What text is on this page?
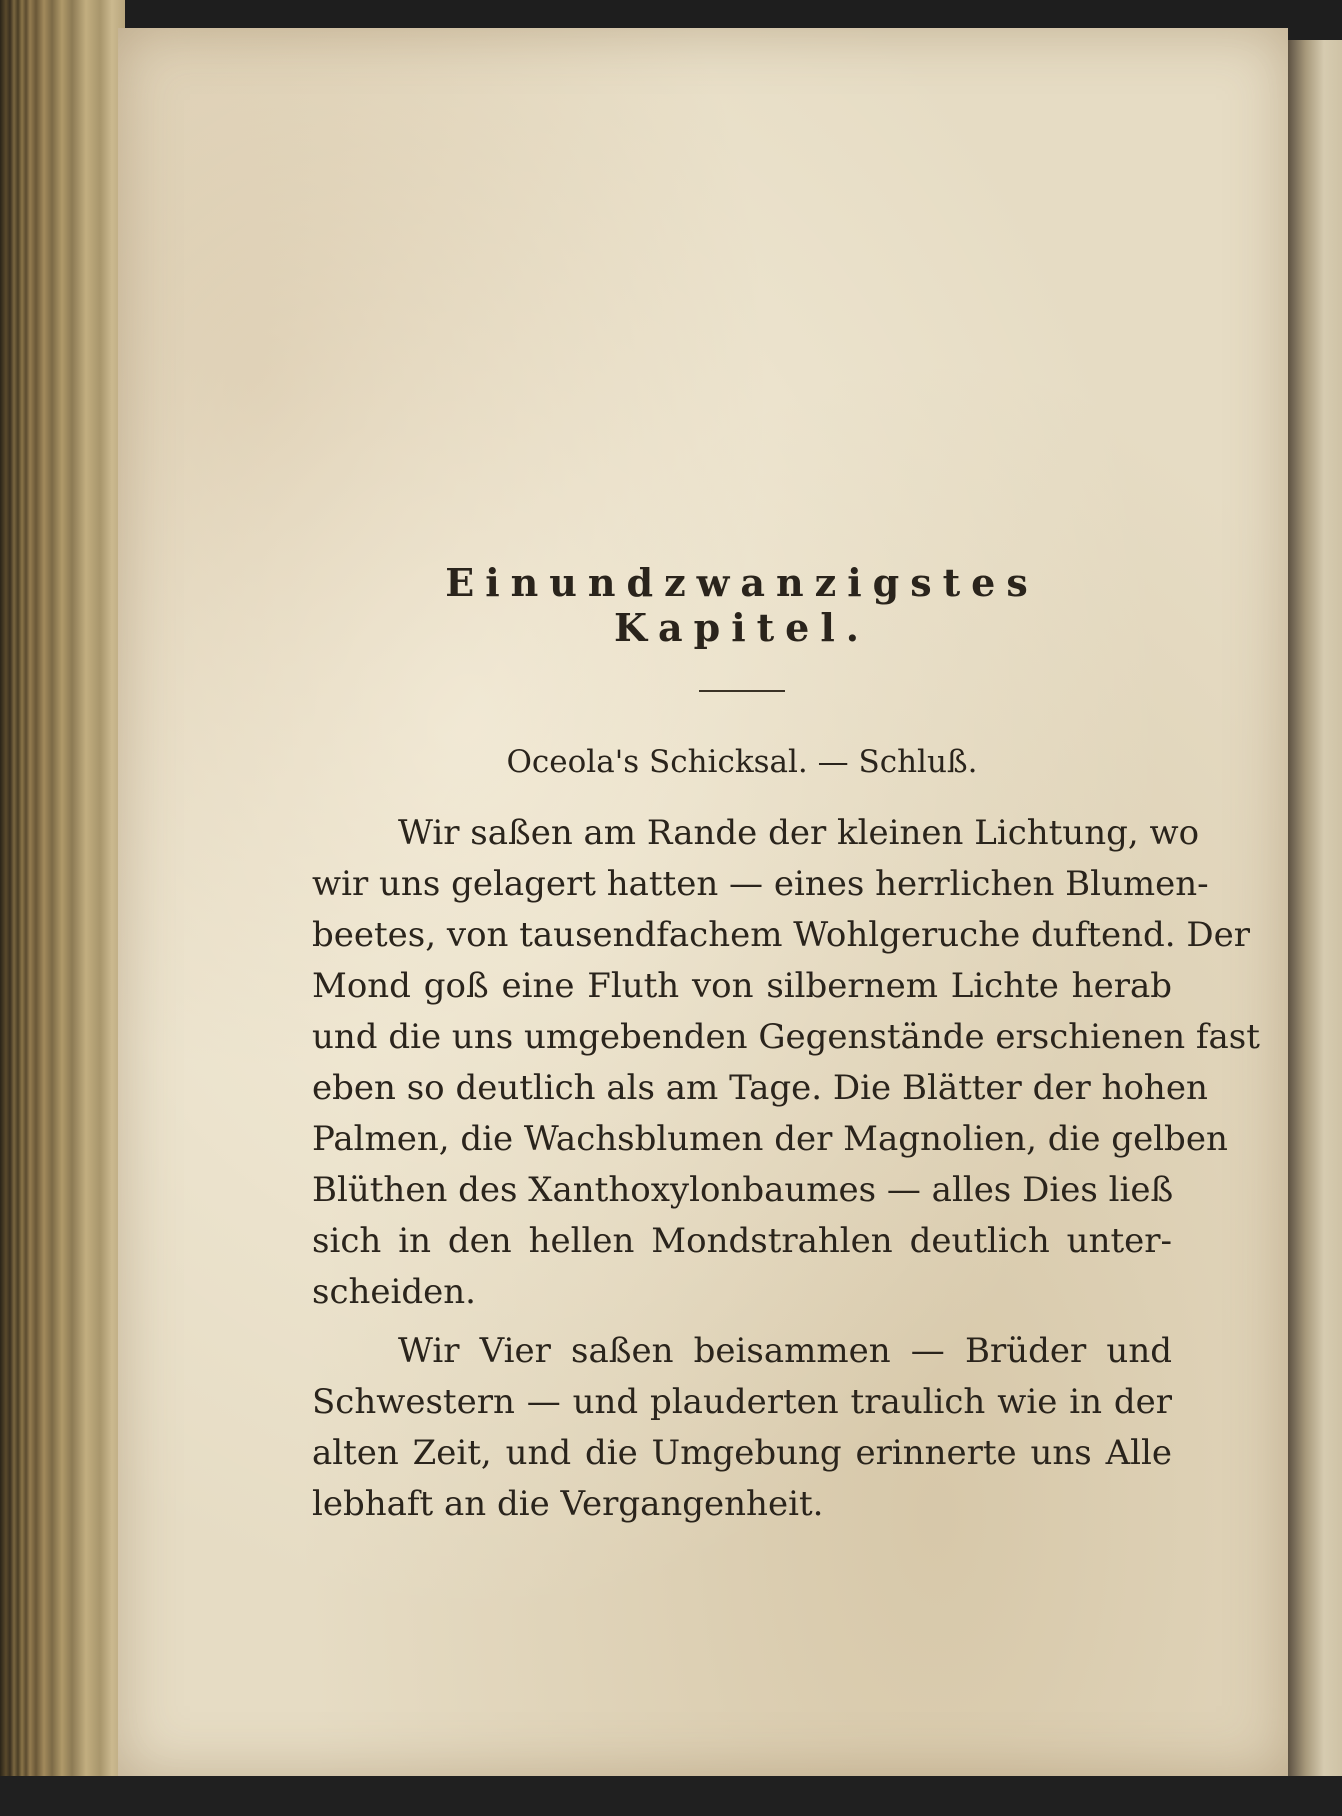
Einundzwanzigstes Kapitel.
Oceola's Schicksal. — Schluß.

Wir saßen am Rande der kleinen Lichtung, wo
wir uns gelagert hatten — eines herrlichen Blumen-
beetes, von tausendfachem Wohlgeruche duftend. Der
Mond goß eine Fluth von silbernem Lichte herab
und die uns umgebenden Gegenstände erschienen fast
eben so deutlich als am Tage. Die Blätter der hohen
Palmen, die Wachsblumen der Magnolien, die gelben
Blüthen des Xanthoxylonbaumes — alles Dies ließ
sich in den hellen Mondstrahlen deutlich unter-
scheiden.

Wir Vier saßen beisammen — Brüder und
Schwestern — und plauderten traulich wie in der
alten Zeit, und die Umgebung erinnerte uns Alle
lebhaft an die Vergangenheit.
